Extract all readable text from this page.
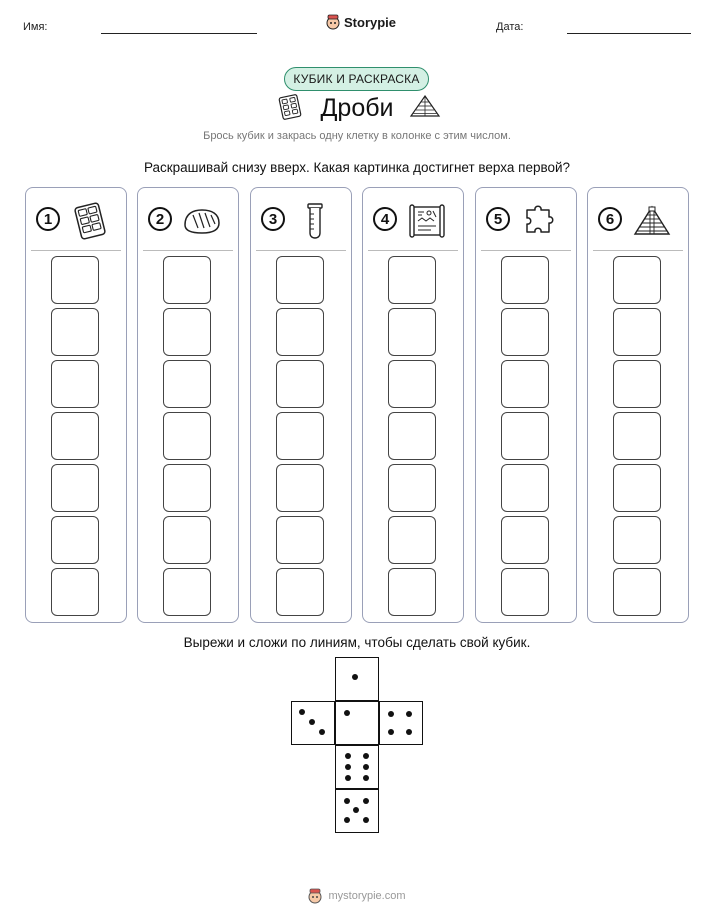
Имя:	Storypie	Дата:
КУБИК И РАСКРАСКА
Дроби
Брось кубик и закрась одну клетку в колонке с этим числом.
Раскрашивай снизу вверх. Какая картинка достигнет верха первой?
1	2	3	4	5	6
Вырежи и сложи по линиям, чтобы сделать свой кубик.
mystorypie.com
